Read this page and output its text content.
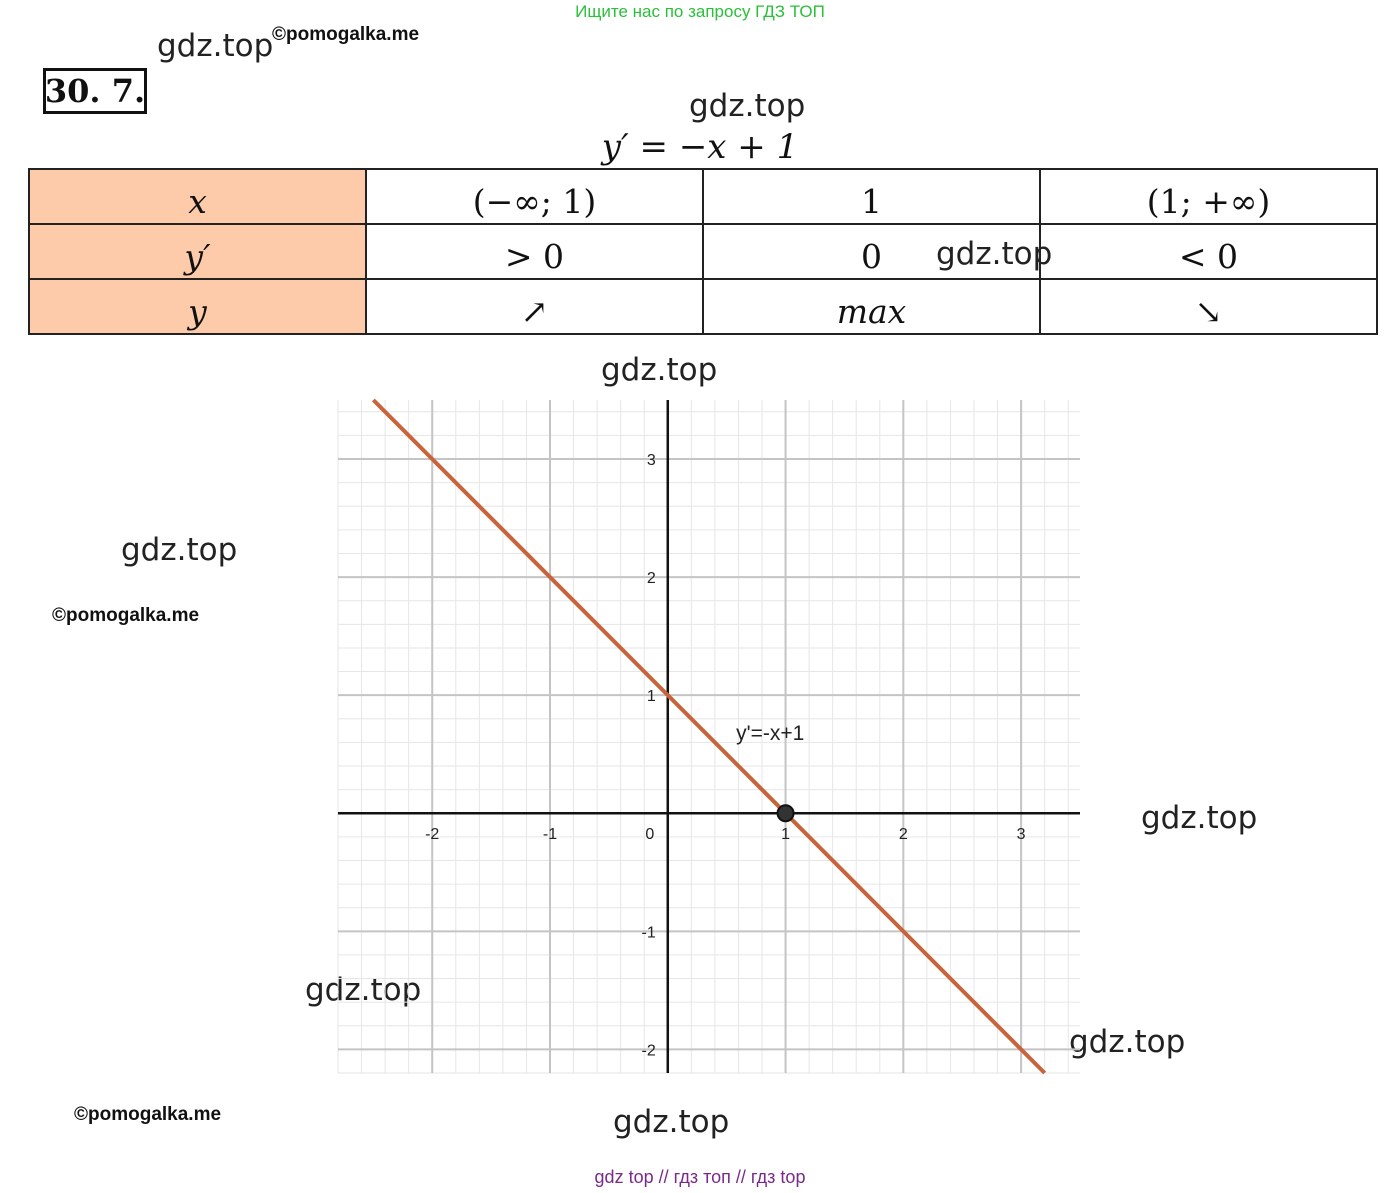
Ищите нас по запросу ГДЗ ТОП
gdz.top
©pomogalka.me
gdz.top
gdz.top
gdz.top
©pomogalka.me
gdz.top
gdz.top
gdz.top
©pomogalka.me	gdz.top
30. 7.
y′ = −x + 1
x	(−∞; 1)	1	(1; +∞)
y′	> 0	0	< 0
y	↗	max	↘
gdz.top
-2	-1	0	1	2	3
3
2
1
-1
-2
y'=-x+1
gdz top // гдз топ // гдз top
